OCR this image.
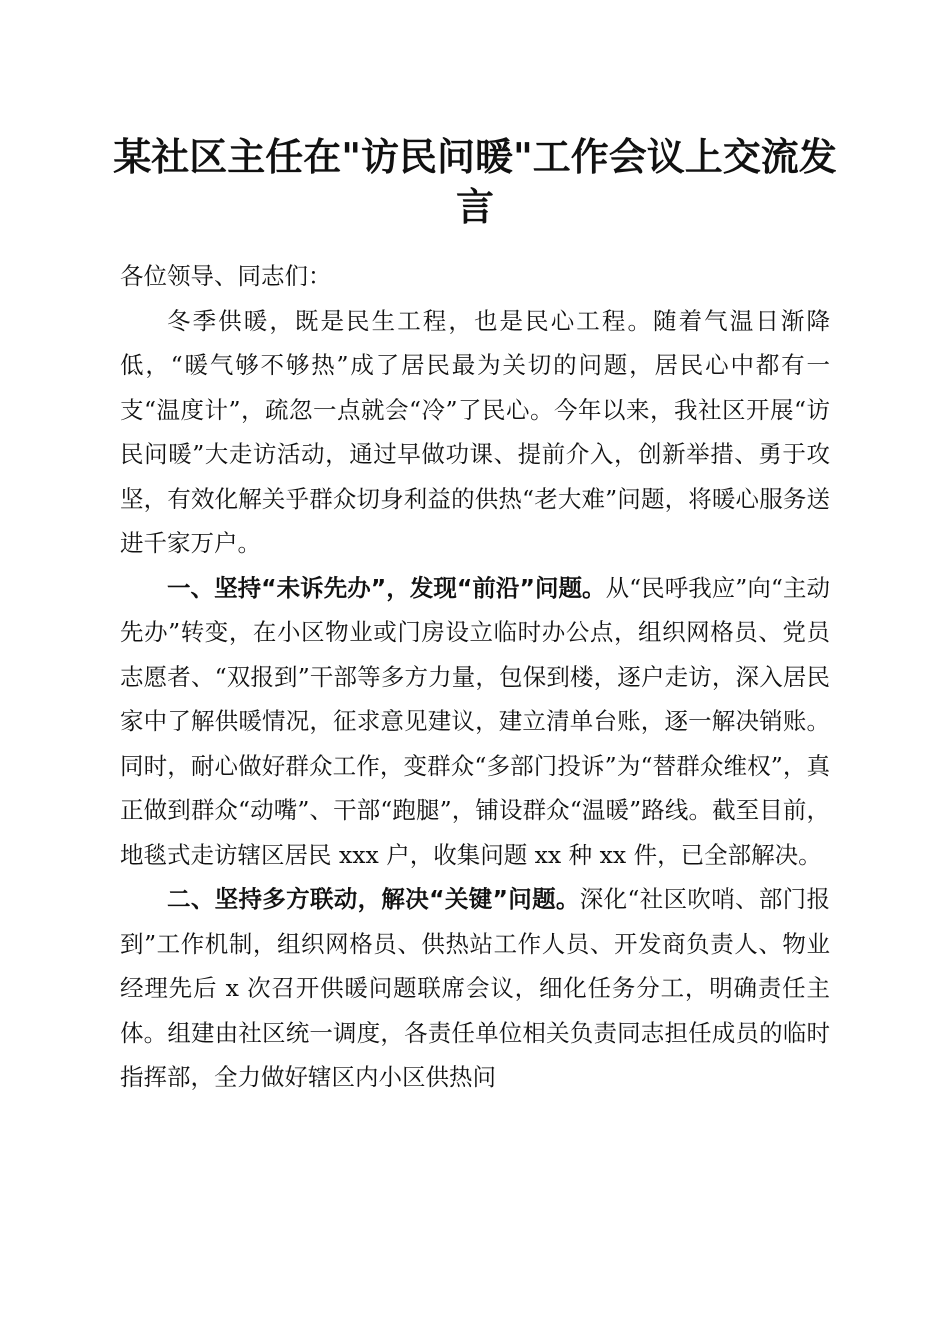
某社区主任在"访民问暖"工作会议上交流发言

各位领导、同志们：

冬季供暖，既是民生工程，也是民心工程。随着气温日渐降低，“暖气够不够热”成了居民最为关切的问题，居民心中都有一支“温度计”，疏忽一点就会“冷”了民心。今年以来，我社区开展“访民问暖”大走访活动，通过早做功课、提前介入，创新举措、勇于攻坚，有效化解关乎群众切身利益的供热“老大难”问题，将暖心服务送进千家万户。

一、坚持“未诉先办”，发现“前沿”问题。从“民呼我应”向“主动先办”转变，在小区物业或门房设立临时办公点，组织网格员、党员志愿者、“双报到”干部等多方力量，包保到楼，逐户走访，深入居民家中了解供暖情况，征求意见建议，建立清单台账，逐一解决销账。同时，耐心做好群众工作，变群众“多部门投诉”为“替群众维权”，真正做到群众“动嘴”、干部“跑腿”，铺设群众“温暖”路线。截至目前，地毯式走访辖区居民 xxx 户，收集问题 xx 种 xx 件，已全部解决。

二、坚持多方联动，解决“关键”问题。深化“社区吹哨、部门报到”工作机制，组织网格员、供热站工作人员、开发商负责人、物业经理先后 x 次召开供暖问题联席会议，细化任务分工，明确责任主体。组建由社区统一调度，各责任单位相关负责同志担任成员的临时指挥部，全力做好辖区内小区供热问
